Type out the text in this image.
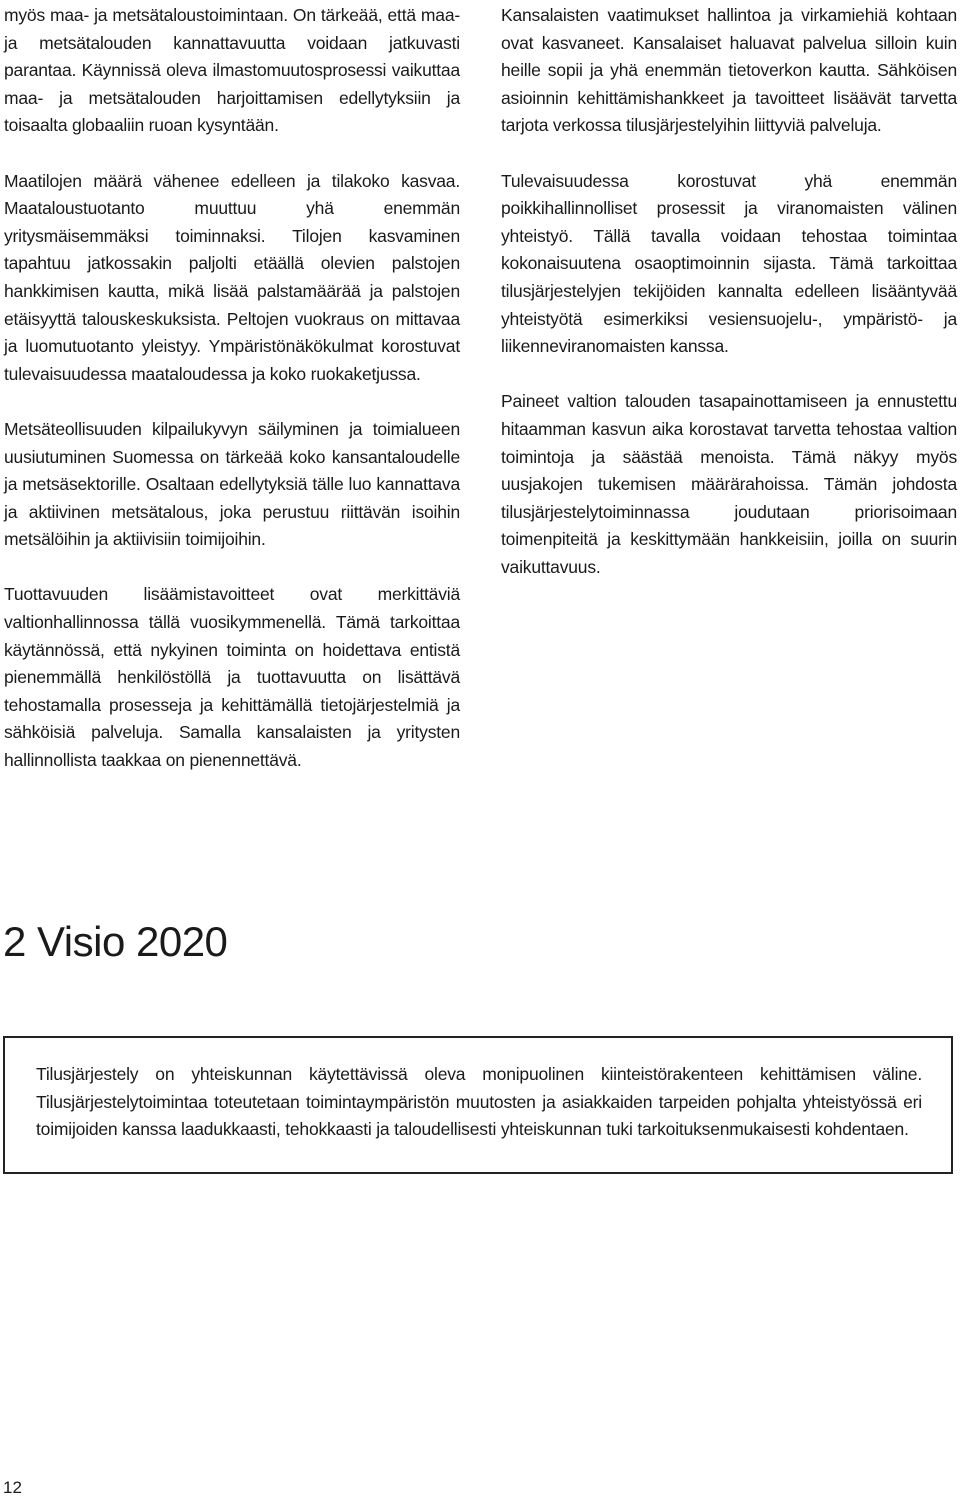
myös maa- ja metsätaloustoimintaan. On tärkeää, että maa- ja metsätalouden kannattavuutta voidaan jatkuvasti parantaa. Käynnissä oleva ilmastomuutosprosessi vaikuttaa maa- ja metsätalouden harjoittamisen edellytyksiin ja toisaalta globaaliin ruoan kysyntään.

Maatilojen määrä vähenee edelleen ja tilakoko kasvaa. Maataloustuotanto muuttuu yhä enemmän yritysmäisemmäksi toiminnaksi. Tilojen kasvaminen tapahtuu jatkossakin paljolti etäällä olevien palstojen hankkimisen kautta, mikä lisää palstamäärää ja palstojen etäisyyttä talouskeskuksista. Peltojen vuokraus on mittavaa ja luomutuotanto yleistyy. Ympäristönäkökulmat korostuvat tulevaisuudessa maataloudessa ja koko ruokaketjussa.

Metsäteollisuuden kilpailukyvyn säilyminen ja toimialueen uusiutuminen Suomessa on tärkeää koko kansantaloudelle ja metsäsektorille. Osaltaan edellytyksiä tälle luo kannattava ja aktiivinen metsätalous, joka perustuu riittävän isoihin metsälöihin ja aktiivisiin toimijoihin.

Tuottavuuden lisäämistavoitteet ovat merkittäviä valtionhallinnossa tällä vuosikymmenellä. Tämä tarkoittaa käytännössä, että nykyinen toiminta on hoidettava entistä pienemmällä henkilöstöllä ja tuottavuutta on lisättävä tehostamalla prosesseja ja kehittämällä tietojärjestelmiä ja sähköisiä palveluja. Samalla kansalaisten ja yritysten hallinnollista taakkaa on pienennettävä.

Kansalaisten vaatimukset hallintoa ja virkamiehiä kohtaan ovat kasvaneet. Kansalaiset haluavat palvelua silloin kuin heille sopii ja yhä enemmän tietoverkon kautta. Sähköisen asioinnin kehittämishankkeet ja tavoitteet lisäävät tarvetta tarjota verkossa tilusjärjestelyihin liittyviä palveluja.

Tulevaisuudessa korostuvat yhä enemmän poikkihallinnolliset prosessit ja viranomaisten välinen yhteistyö. Tällä tavalla voidaan tehostaa toimintaa kokonaisuutena osaoptimoinnin sijasta. Tämä tarkoittaa tilusjärjestelyjen tekijöiden kannalta edelleen lisääntyvää yhteistyötä esimerkiksi vesiensuojelu-, ympäristö- ja liikenneviranomaisten kanssa.

Paineet valtion talouden tasapainottamiseen ja ennustettu hitaamman kasvun aika korostavat tarvetta tehostaa valtion toimintoja ja säästää menoista. Tämä näkyy myös uusjakojen tukemisen määrärahoissa. Tämän johdosta tilusjärjestelytoiminnassa joudutaan priorisoimaan toimenpiteitä ja keskittymään hankkeisiin, joilla on suurin vaikuttavuus.

2 Visio 2020

Tilusjärjestely on yhteiskunnan käytettävissä oleva monipuolinen kiinteistörakenteen kehittämisen väline. Tilusjärjestelytoimintaa toteutetaan toimintaympäristön muutosten ja asiakkaiden tarpeiden pohjalta yhteistyössä eri toimijoiden kanssa laadukkaasti, tehokkaasti ja taloudellisesti yhteiskunnan tuki tarkoituksenmukaisesti kohdentaen.

12
